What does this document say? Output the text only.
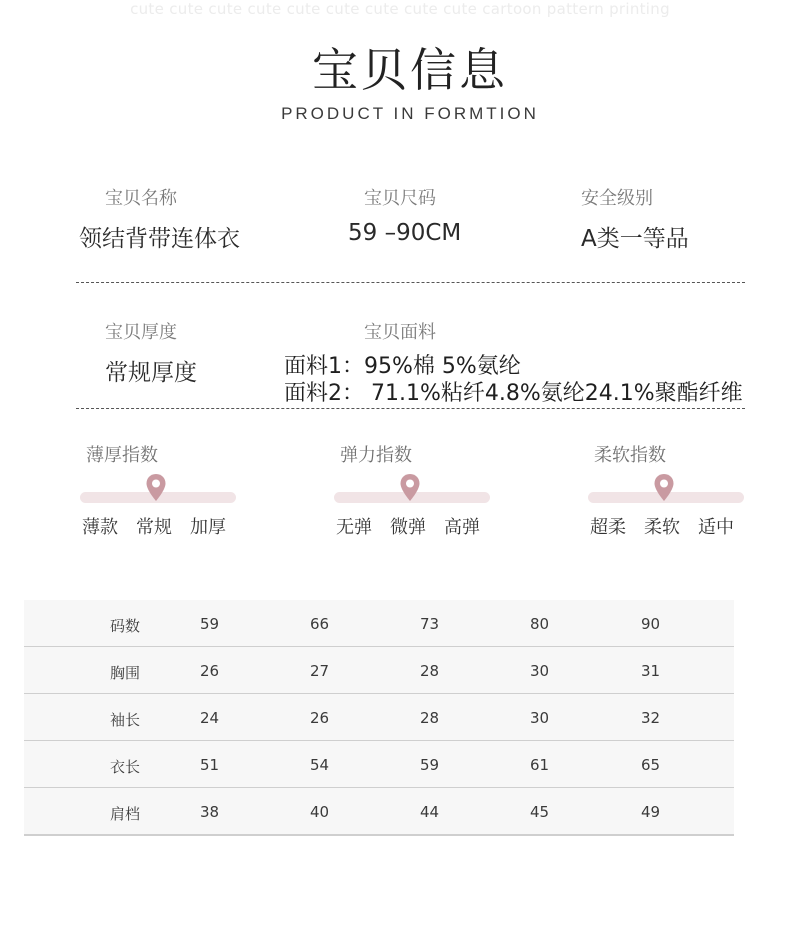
cute cute cute cute cute cute cute cute cute cartoon pattern printing
宝贝信息
PRODUCT IN FORMTION
宝贝名称
领结背带连体衣
宝贝尺码
59 –90CM
安全级别
A类一等品
宝贝厚度
常规厚度
宝贝面料
面料1：95%棉 5%氨纶
面料2： 71.1%粘纤4.8%氨纶24.1%聚酯纤维
薄厚指数
薄款 常规 加厚
弹力指数
无弹 微弹 高弹
柔软指数
超柔 柔软 适中
码数	59	66	73	80	90
胸围	26	27	28	30	31
袖长	24	26	28	30	32
衣长	51	54	59	61	65
肩档	38	40	44	45	49
